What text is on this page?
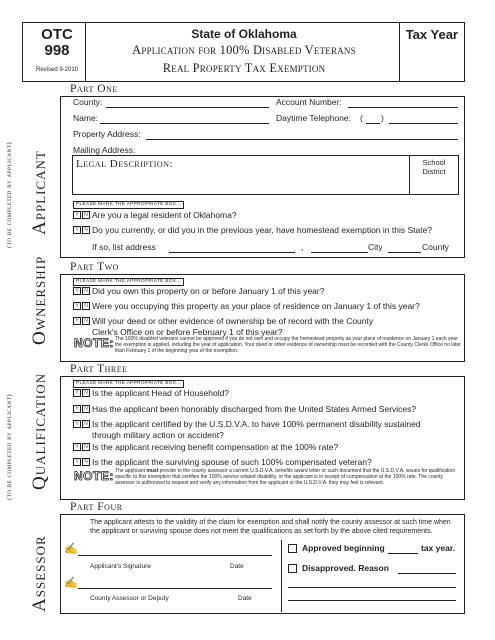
OTC
998
Revised 9-2010
State of Oklahoma
Application for 100% Disabled Veterans
Real Property Tax Exemption
Tax Year
(to be completed by applicant) Applicant
Ownership
(to be completed by applicant) Qualification
Assessor
Part One
County:	Account Number:
Name:	Daytime Telephone: ( )
Property Address:
Mailing Address:
Legal Description:	School District
PLEASE MARK THE APPROPRIATE BOX...
Y	N Are you a legal resident of Oklahoma?
Y	N Do you currently, or did you in the previous year, have homestead exemption in this State?
If so, list address	,	City	County
Part Two
PLEASE MARK THE APPROPRIATE BOX...
Y	N Did you own this property on or before January 1 of this year?
Y	N Were you occupying this property as your place of residence on January 1 of this year?
Y	N Will your deed or other evidence of ownership be of record with the County Clerk's Office on or before February 1 of this year?
NOTE: The 100% disabled veterans cannot be approved if you do not own and occupy the homestead property as your place of residence on January 1 each year the exemption is applied, including the year of application. Your deed or other evidence of ownership must be recorded with the County Clerks Office no later than February 1 of the beginning year of the exemption.
Part Three
PLEASE MARK THE APPROPRIATE BOX...
Y	N Is the applicant Head of Household?
Y	N Has the applicant been honorably discharged from the United States Armed Services?
Y	N Is the applicant certified by the U.S.D.V.A. to have 100% permanent disability sustained through military action or accident?
Y	N Is the applicant receiving benefit compensation at the 100% rate?
Y	N Is the applicant the surviving spouse of such 100% compensated veteran?
NOTE: The applicant must provide to the county assessor a current U.S.D.V.A. benefits award letter or such document that the U.S.D.V.A. issues for qualification specific to this exemption that certifies the 100% service related disability, or the applicant is in receipt of compensation at the 100% rate. The county assessor is authorized to request and verify any information from the applicant or the U.S.D.V.A. they may feel is relevant.
Part Four
The applicant attests to the validity of the claim for exemption and shall notify the county assessor at such time when the applicant or surviving spouse does not meet the qualifications as set forth by the above cited requirements.
✍
Applicant's Signature	Date
✍
County Assessor or Deputy	Date
Approved beginning	tax year.
Disapproved. Reason
